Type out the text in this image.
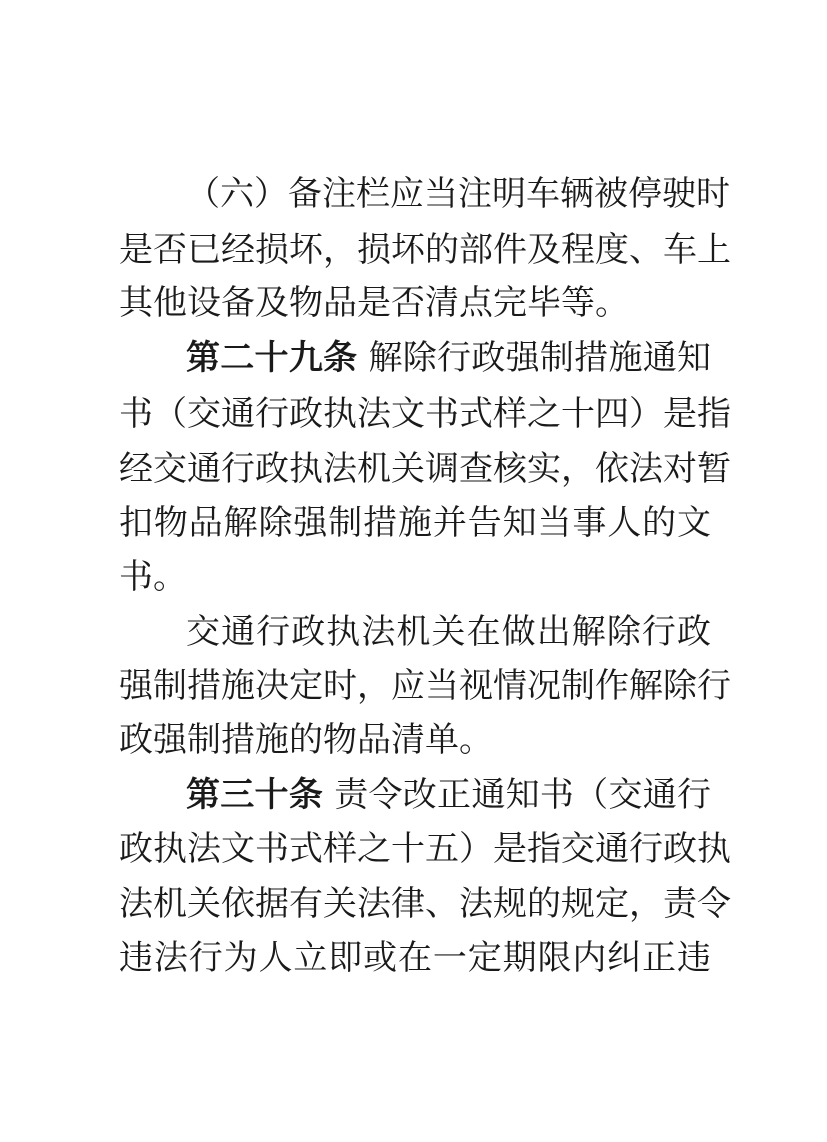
（六）备注栏应当注明车辆被停驶时
是否已经损坏，损坏的部件及程度、车上
其他设备及物品是否清点完毕等。
第二十九条 解除行政强制措施通知
书（交通行政执法文书式样之十四）是指
经交通行政执法机关调查核实，依法对暂
扣物品解除强制措施并告知当事人的文
书。
交通行政执法机关在做出解除行政
强制措施决定时，应当视情况制作解除行
政强制措施的物品清单。
第三十条 责令改正通知书（交通行
政执法文书式样之十五）是指交通行政执
法机关依据有关法律、法规的规定，责令
违法行为人立即或在一定期限内纠正违
